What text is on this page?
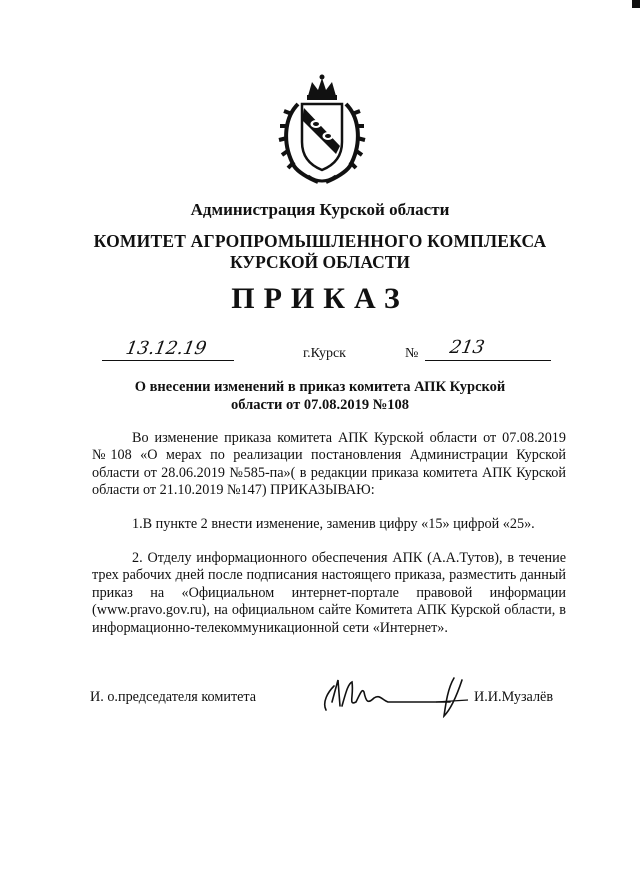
Администрация Курской области
КОМИТЕТ АГРОПРОМЫШЛЕННОГО КОМПЛЕКСА
КУРСКОЙ ОБЛАСТИ
ПРИКАЗ
13.12.19	г.Курск	№ 213
О внесении изменений в приказ комитета АПК Курской
области от 07.08.2019 №108
Во изменение приказа комитета АПК Курской области от 07.08.2019 №108 «О мерах по реализации постановления Администрации Курской области от 28.06.2019 №585-па»( в редакции приказа комитета АПК Курской области от 21.10.2019 №147) ПРИКАЗЫВАЮ:
1.В пункте 2 внести изменение, заменив цифру «15» цифрой «25».
2. Отделу информационного обеспечения АПК (А.А.Тутов), в течение трех рабочих дней после подписания настоящего приказа, разместить данный приказ на «Официальном интернет-портале правовой информации (www.pravo.gov.ru), на официальном сайте Комитета АПК Курской области, в информационно-телекоммуникационной сети «Интернет».
И. о.председателя комитета	И.И.Музалёв
